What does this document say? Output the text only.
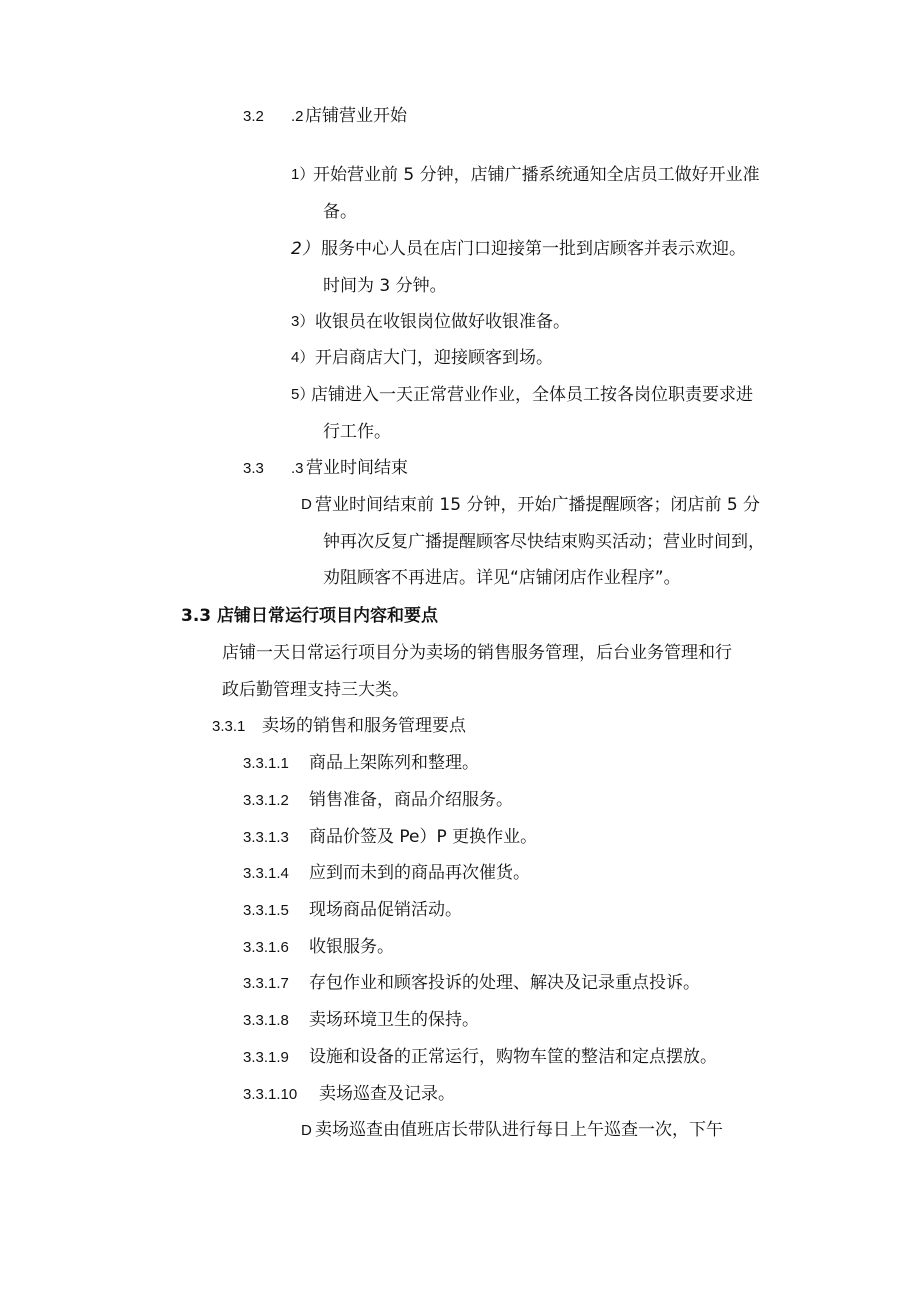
3.2 .2 店铺营业开始
1）
开始营业前 5 分钟，店铺广播系统通知全店员工做好开业准
备。
2） 服务中心人员在店门口迎接第一批到店顾客并表示欢迎。
时间为 3 分钟。
3） 收银员在收银岗位做好收银准备。
4） 开启商店大门，迎接顾客到场。
5）
店铺进入一天正常营业作业，全体员工按各岗位职责要求进
行工作。
3.3 .3 营业时间结束
D 营业时间结束前 15 分钟，开始广播提醒顾客；闭店前 5 分
钟再次反复广播提醒顾客尽快结束购买活动；营业时间到，
劝阻顾客不再进店。详见“店铺闭店作业程序”。
3.3 店铺日常运行项目内容和要点
店铺一天日常运行项目分为卖场的销售服务管理，后台业务管理和行
政后勤管理支持三大类。
3.3.1 卖场的销售和服务管理要点
3.3.1.1 商品上架陈列和整理。
3.3.1.2 销售准备，商品介绍服务。
3.3.1.3 商品价签及 Pe）P 更换作业。
3.3.1.4 应到而未到的商品再次催货。
3.3.1.5 现场商品促销活动。
3.3.1.6 收银服务。
3.3.1.7 存包作业和顾客投诉的处理、解决及记录重点投诉。
3.3.1.8 卖场环境卫生的保持。
3.3.1.9 设施和设备的正常运行，购物车筐的整洁和定点摆放。
3.3.1.10 卖场巡查及记录。
D 卖场巡查由值班店长带队进行每日上午巡查一次，下午
